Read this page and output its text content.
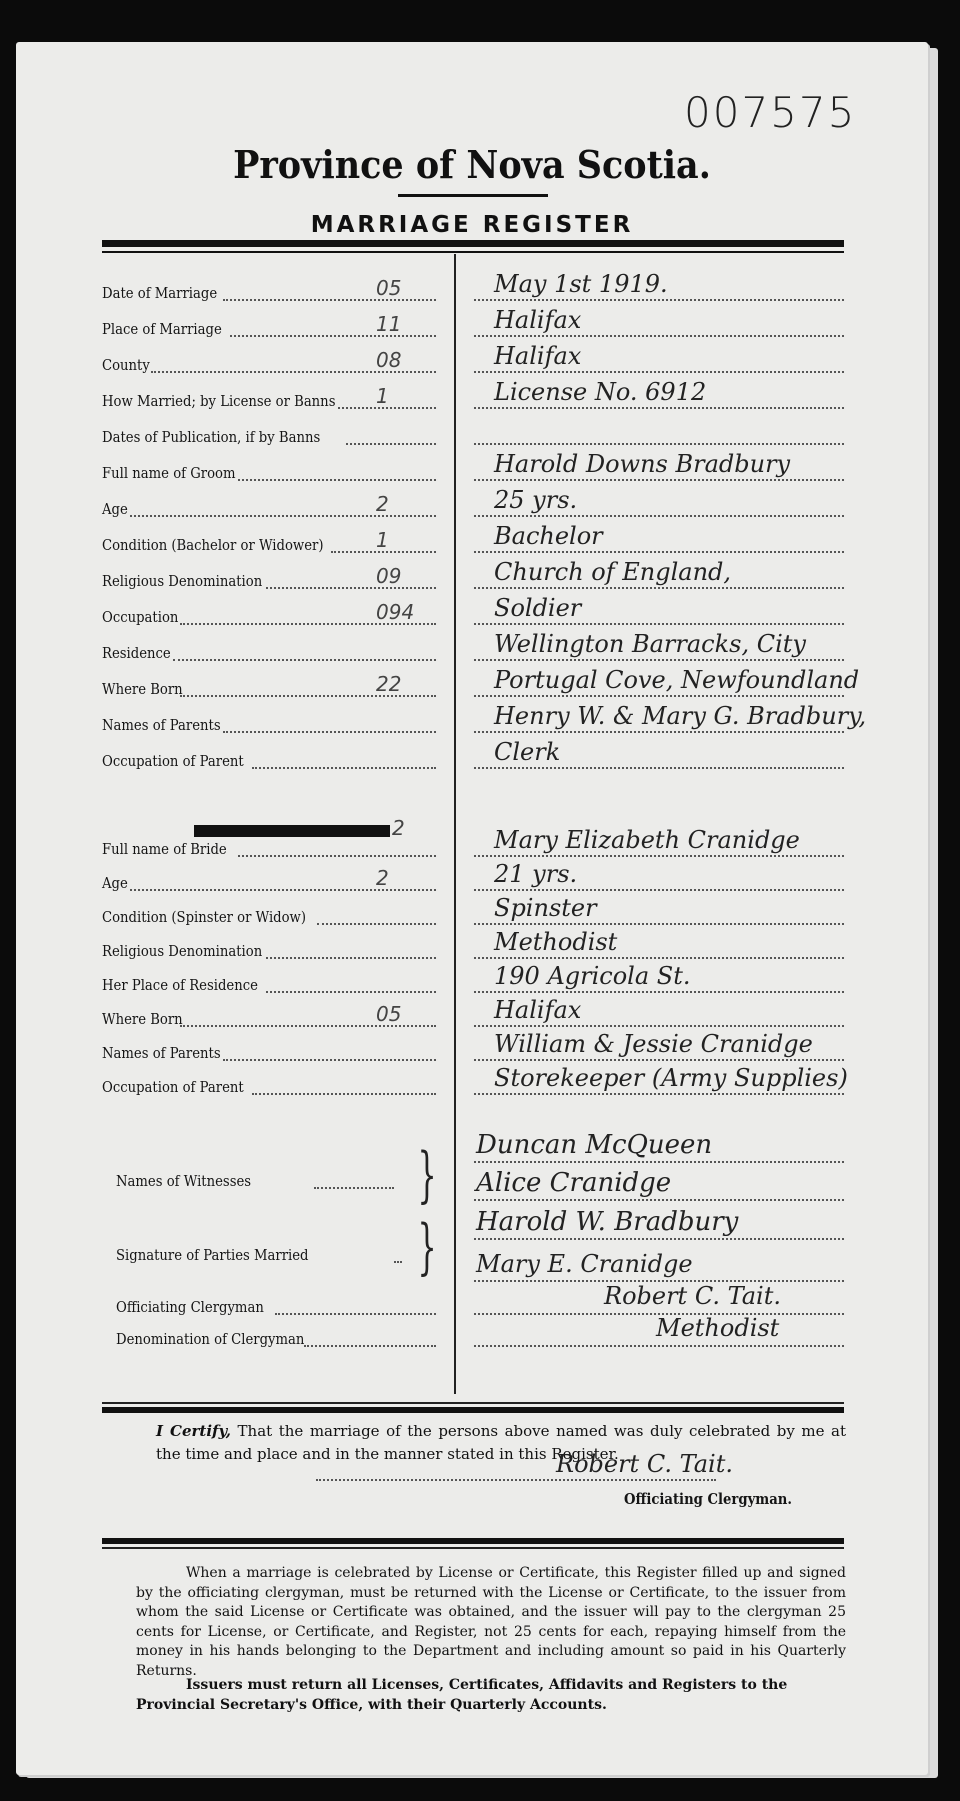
007575
Province of Nova Scotia.
MARRIAGE REGISTER
Date of Marriage	05	May 1st 1919.
Place of Marriage	11	Halifax
County	08	Halifax
How Married; by License or Banns 1	License No. 6912
Dates of Publication, if by Banns
Full name of Groom	Harold Downs Bradbury
Age	2	25 yrs.
Condition (Bachelor or Widower)	1	Bachelor
Religious Denomination	09	Church of England,
Occupation	094	Soldier
Residence	Wellington Barracks, City
Where Born	22	Portugal Cove, Newfoundland
Names of Parents	Henry W. & Mary G. Bradbury,
Occupation of Parent	Clerk
2
Full name of Bride	Mary Elizabeth Cranidge
Age	2	21 yrs.
Condition (Spinster or Widow)	Spinster
Religious Denomination	Methodist
Her Place of Residence	190 Agricola St.
Where Born	05	Halifax
Names of Parents	William & Jessie Cranidge
Occupation of Parent	Storekeeper (Army Supplies)
Names of Witnesses	} Duncan McQueen
Alice Cranidge
Signature of Parties Married } Harold W. Bradbury
Mary E. Cranidge
Officiating Clergyman	Robert C. Tait.
Denomination of Clergyman	Methodist
I Certify, That the marriage of the persons above named was duly celebrated by me at the time and place and in the manner stated in this Register.
Robert C. Tait.
Officiating Clergyman.
When a marriage is celebrated by License or Certificate, this Register filled up and signed by the officiating clergyman, must be returned with the License or Certificate, to the issuer from whom the said License or Certificate was obtained, and the issuer will pay to the clergyman 25 cents for License, or Certificate, and Register, not 25 cents for each, repaying himself from the money in his hands belonging to the Department and including amount so paid in his Quarterly Returns.
Issuers must return all Licenses, Certificates, Affidavits and Registers to the Provincial Secretary's Office, with their Quarterly Accounts.
